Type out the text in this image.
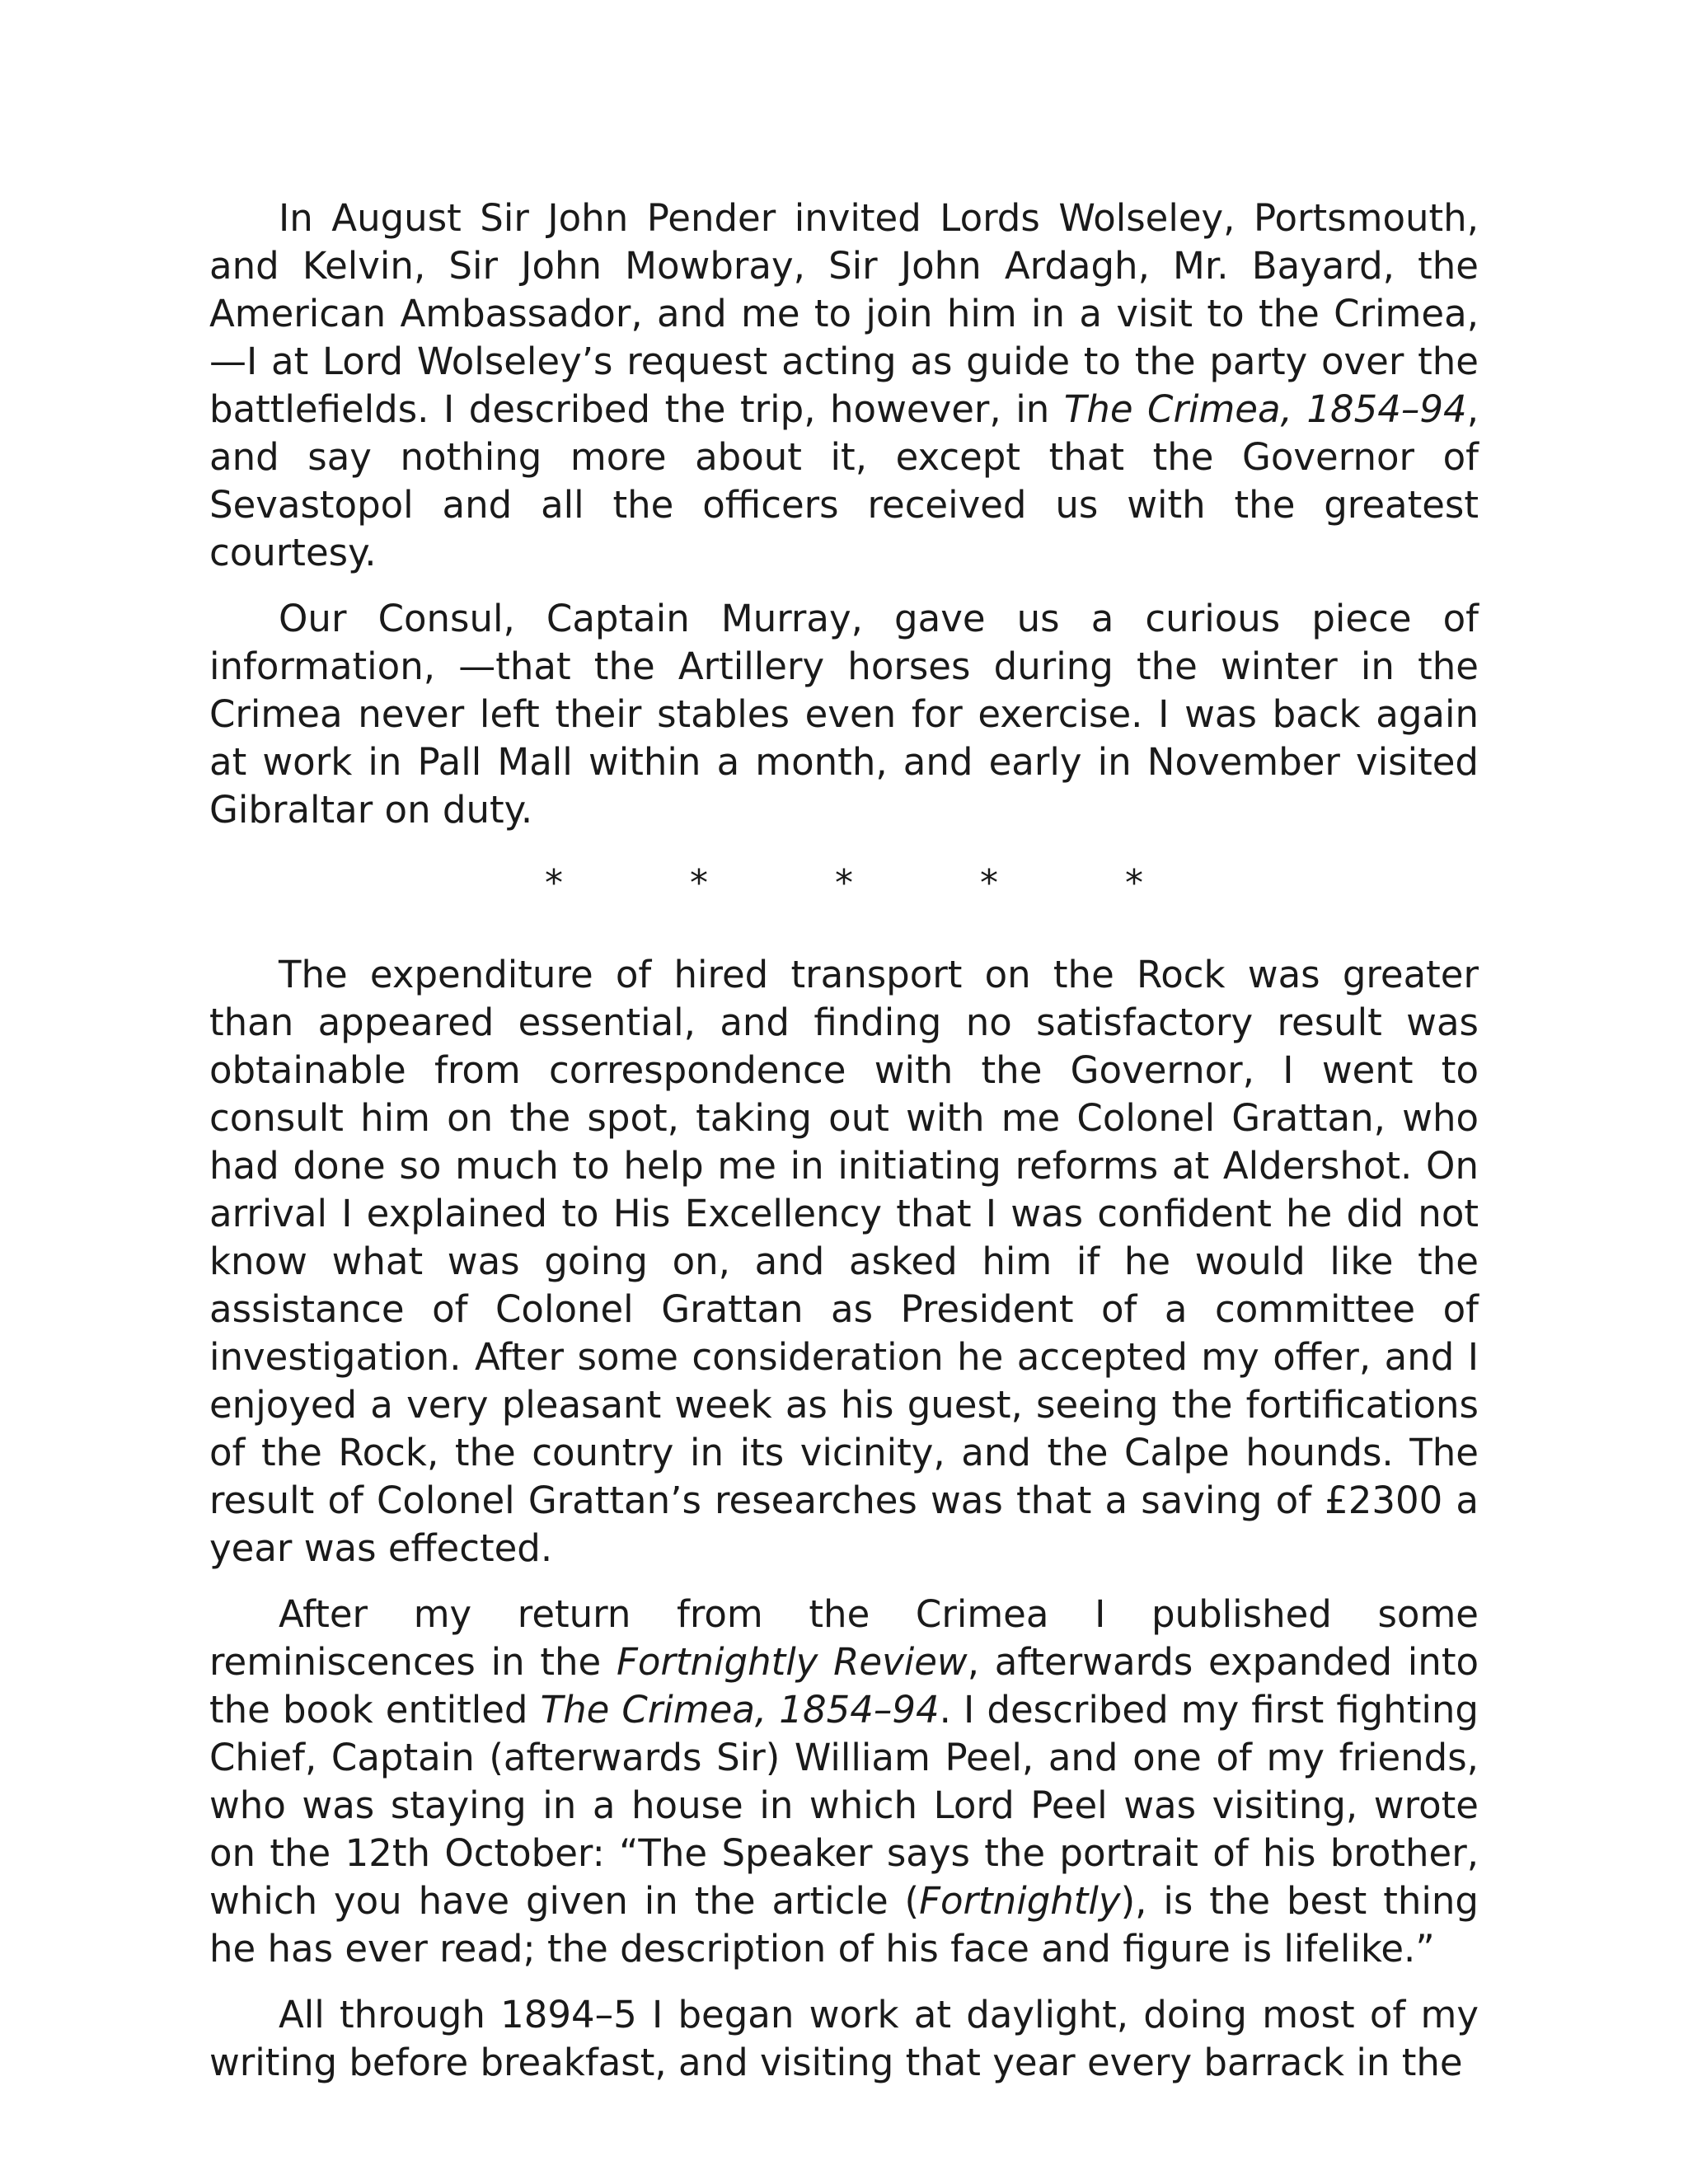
In August Sir John Pender invited Lords Wolseley, Portsmouth, and Kelvin, Sir John Mowbray, Sir John Ardagh, Mr. Bayard, the American Ambassador, and me to join him in a visit to the Crimea,—I at Lord Wolseley’s request acting as guide to the party over the battlefields. I described the trip, however, in The Crimea, 1854–94, and say nothing more about it, except that the Governor of Sevastopol and all the officers received us with the greatest courtesy.

Our Consul, Captain Murray, gave us a curious piece of information, —that the Artillery horses during the winter in the Crimea never left their stables even for exercise. I was back again at work in Pall Mall within a month, and early in November visited Gibraltar on duty.

*	*	*	*	*

The expenditure of hired transport on the Rock was greater than appeared essential, and finding no satisfactory result was obtainable from correspondence with the Governor, I went to consult him on the spot, taking out with me Colonel Grattan, who had done so much to help me in initiating reforms at Aldershot. On arrival I explained to His Excellency that I was confident he did not know what was going on, and asked him if he would like the assistance of Colonel Grattan as President of a committee of investigation. After some consideration he accepted my offer, and I enjoyed a very pleasant week as his guest, seeing the fortifications of the Rock, the country in its vicinity, and the Calpe hounds. The result of Colonel Grattan’s researches was that a saving of £2300 a year was effected.

After my return from the Crimea I published some reminiscences in the Fortnightly Review, afterwards expanded into the book entitled The Crimea, 1854–94. I described my first fighting Chief, Captain (afterwards Sir) William Peel, and one of my friends, who was staying in a house in which Lord Peel was visiting, wrote on the 12th October: “The Speaker says the portrait of his brother, which you have given in the article (Fortnightly), is the best thing he has ever read; the description of his face and figure is lifelike.”

All through 1894–5 I began work at daylight, doing most of my writing before breakfast, and visiting that year every barrack in the
